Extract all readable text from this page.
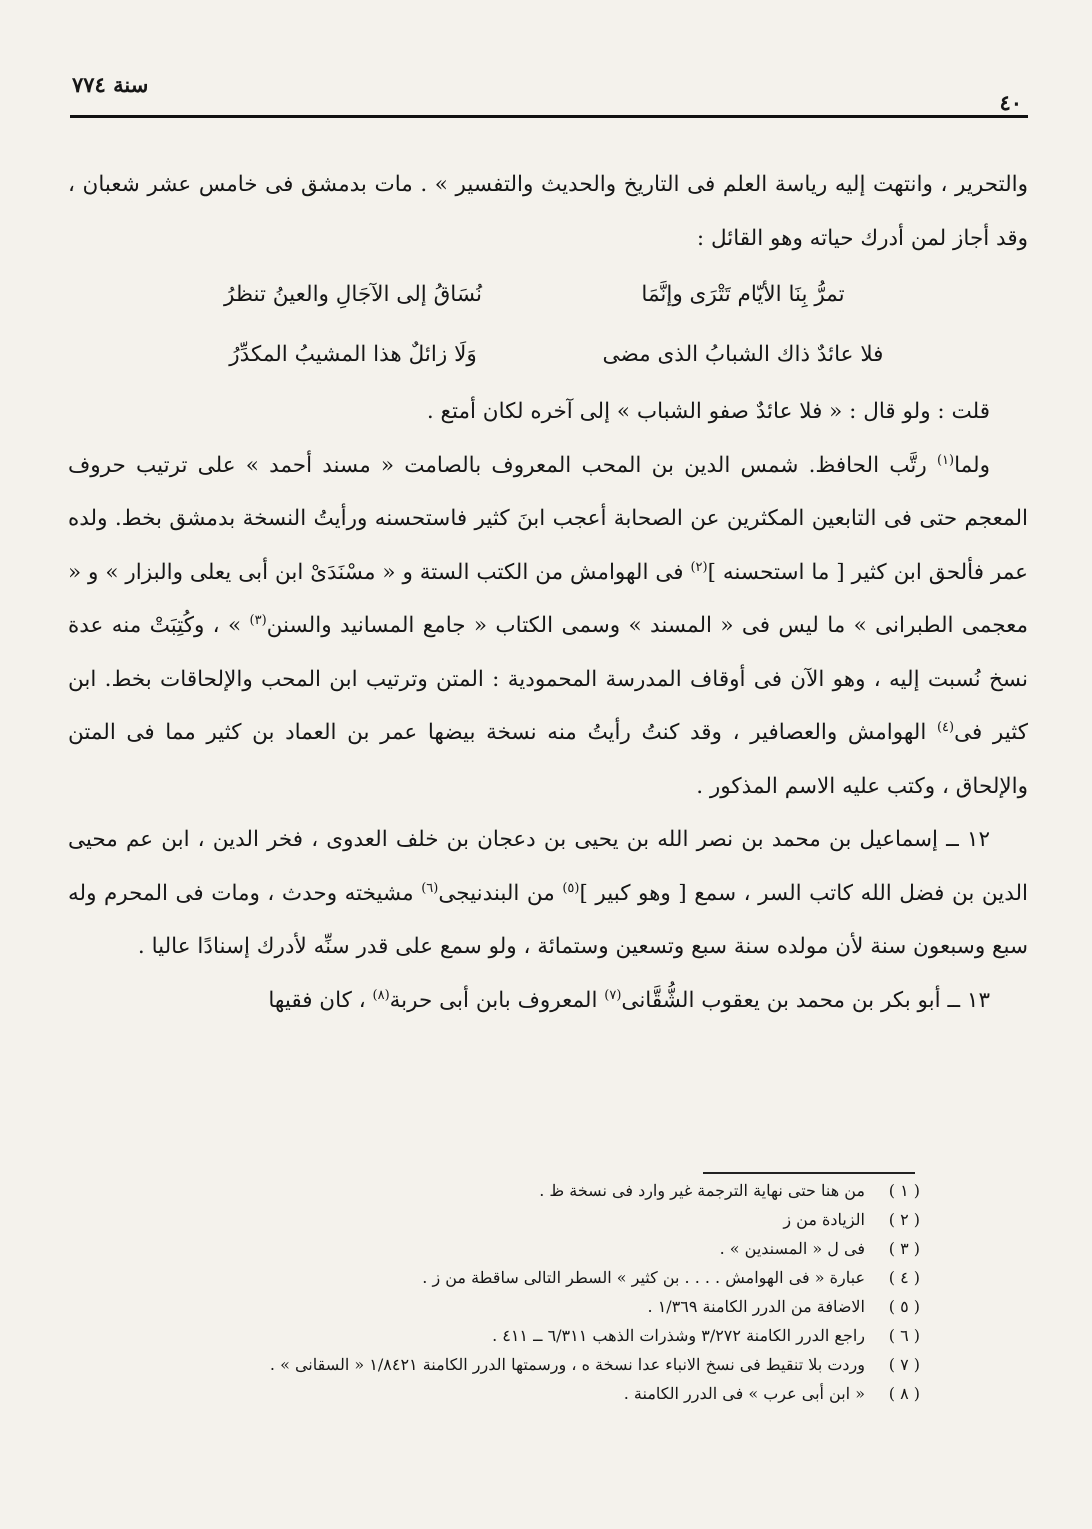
سنة ٧٧٤
٤٠

والتحرير ، وانتهت إليه رياسة العلم فى التاريخ والحديث والتفسير » . مات بدمشق فى خامس عشر شعبان ، وقد أجاز لمن أدرك حياته وهو القائل :

تمرُّ بِنَا الأيّام تَتْرَى وإنَّمَا
نُسَاقُ إلى الآجَالِ والعينُ تنظرُ
فلا عائدٌ ذاك الشبابُ الذى مضى
وَلَا زائلٌ هذا المشيبُ المكدِّرُ

قلت : ولو قال : « فلا عائدٌ صفو الشباب » إلى آخره لكان أمتع .

ولما$^{(١)}$ رتَّب الحافظ. شمس الدين بن المحب المعروف بالصامت « مسند أحمد » على ترتيب حروف المعجم حتى فى التابعين المكثرين عن الصحابة أعجب ابنَ كثير فاستحسنه ورأيتُ النسخة بدمشق بخط. ولده عمر فألحق ابن كثير [ ما استحسنه ]$^{(٢)}$ فى الهوامش من الكتب الستة و « مسْنَدَىْ ابن أبى يعلى والبزار » و « معجمى الطبرانى » ما ليس فى « المسند » وسمى الكتاب « جامع المسانيد والسنن$^{(٣)}$ » ، وكُتِبَتْ منه عدة نسخ نُسبت إليه ، وهو الآن فى أوقاف المدرسة المحمودية : المتن وترتيب ابن المحب والإلحاقات بخط. ابن كثير فى$^{(٤)}$ الهوامش والعصافير ، وقد كنتُ رأيتُ منه نسخة بيضها عمر بن العماد بن كثير مما فى المتن والإلحاق ، وكتب عليه الاسم المذكور .

١٢ ــ إسماعيل بن محمد بن نصر الله بن يحيى بن دعجان بن خلف العدوى ، فخر الدين ، ابن عم محيى الدين بن فضل الله كاتب السر ، سمع [ وهو كبير ]$^{(٥)}$ من البندنيجى$^{(٦)}$ مشيخته وحدث ، ومات فى المحرم وله سبع وسبعون سنة لأن مولده سنة سبع وتسعين وستمائة ، ولو سمع على قدر سنِّه لأدرك إسنادًا عاليا .

١٣ ــ أبو بكر بن محمد بن يعقوب الشُّقَّانى$^{(٧)}$ المعروف بابن أبى حربة$^{(٨)}$ ، كان فقيها

( ١ )
من هنا حتى نهاية الترجمة غير وارد فى نسخة ظ .
( ٢ )
الزيادة من ز
( ٣ )
فى ل « المسندين » .
( ٤ )
عبارة « فى الهوامش . . . . بن كثير » السطر التالى ساقطة من ز .
( ٥ )
الاضافة من الدرر الكامنة ١/٣٦٩ .
( ٦ )
راجع الدرر الكامنة ٣/٢٧٢ وشذرات الذهب ٦/٣١١ ــ ٤١١ .
( ٧ )
وردت بلا تنقيط فى نسخ الانباء عدا نسخة ه ، ورسمتها الدرر الكامنة ١/٨٤٢١ « السقانى » .
( ٨ )
« ابن أبى عرب » فى الدرر الكامنة .
